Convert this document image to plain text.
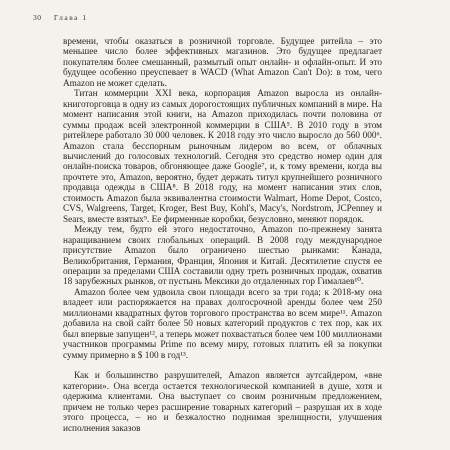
30 Глава 1

времени, чтобы оказаться в розничной торговле. Будущее ритейла – это меньшее число более эффективных магазинов. Это будущее предлагает покупателям более смешанный, размытый опыт онлайн- и офлайн-опыт. И это будущее особенно преуспевает в WACD (What Amazon Can't Do): в том, чего Amazon не может сделать.

Титан коммерции XXI века, корпорация Amazon выросла из онлайн-книготорговца в одну из самых дорогостоящих публичных компаний в мире. На момент написания этой книги, на Amazon приходилась почти половина от суммы продаж всей электронной коммерции в США⁵. В 2010 году в этом ритейлере работало 30 000 человек. К 2018 году это число выросло до 560 000⁶. Amazon стала бесспорным рыночным лидером во всем, от облачных вычислений до голосовых технологий. Сегодня это средство номер один для онлайн-поиска товаров, обгоняющее даже Google⁷, и, к тому времени, когда вы прочтете это, Amazon, вероятно, будет держать титул крупнейшего розничного продавца одежды в США⁸. В 2018 году, на момент написания этих слов, стоимость Amazon была эквивалентна стоимости Walmart, Home Depot, Costco, CVS, Walgreens, Target, Kroger, Best Buy, Kohl's, Macy's, Nordstrom, JCPenney и Sears, вместе взятых⁹. Ее фирменные коробки, безусловно, меняют порядок.

Между тем, будто ей этого недостаточно, Amazon по-прежнему занята наращиванием своих глобальных операций. В 2008 году международное присутствие Amazon было ограничено шестью рынками: Канада, Великобритания, Германия, Франция, Япония и Китай. Десятилетие спустя ее операции за пределами США составили одну треть розничных продаж, охватив 18 зарубежных рынков, от пустынь Мексики до отдаленных гор Гималаев¹⁰.

Amazon более чем удвоила свои площади всего за три года; к 2018-му она владеет или распоряжается на правах долгосрочной аренды более чем 250 миллионами квадратных футов торгового пространства во всем мире¹¹. Amazon добавила на свой сайт более 50 новых категорий продуктов с тех пор, как их был впервые запущен¹², а теперь может похвастаться более чем 100 миллионами участников программы Prime по всему миру, готовых платить ей за покупки сумму примерно в $ 100 в год¹³.

Как и большинство разрушителей, Amazon является аутсайдером, «вне категории». Она всегда остается технологической компанией в душе, хотя и одержима клиентами. Она выступает со своим розничным предложением, причем не только через расширение товарных категорий – разрушая их в ходе этого процесса, – но и безжалостно поднимая зрелищности, улучшения исполнения заказов
